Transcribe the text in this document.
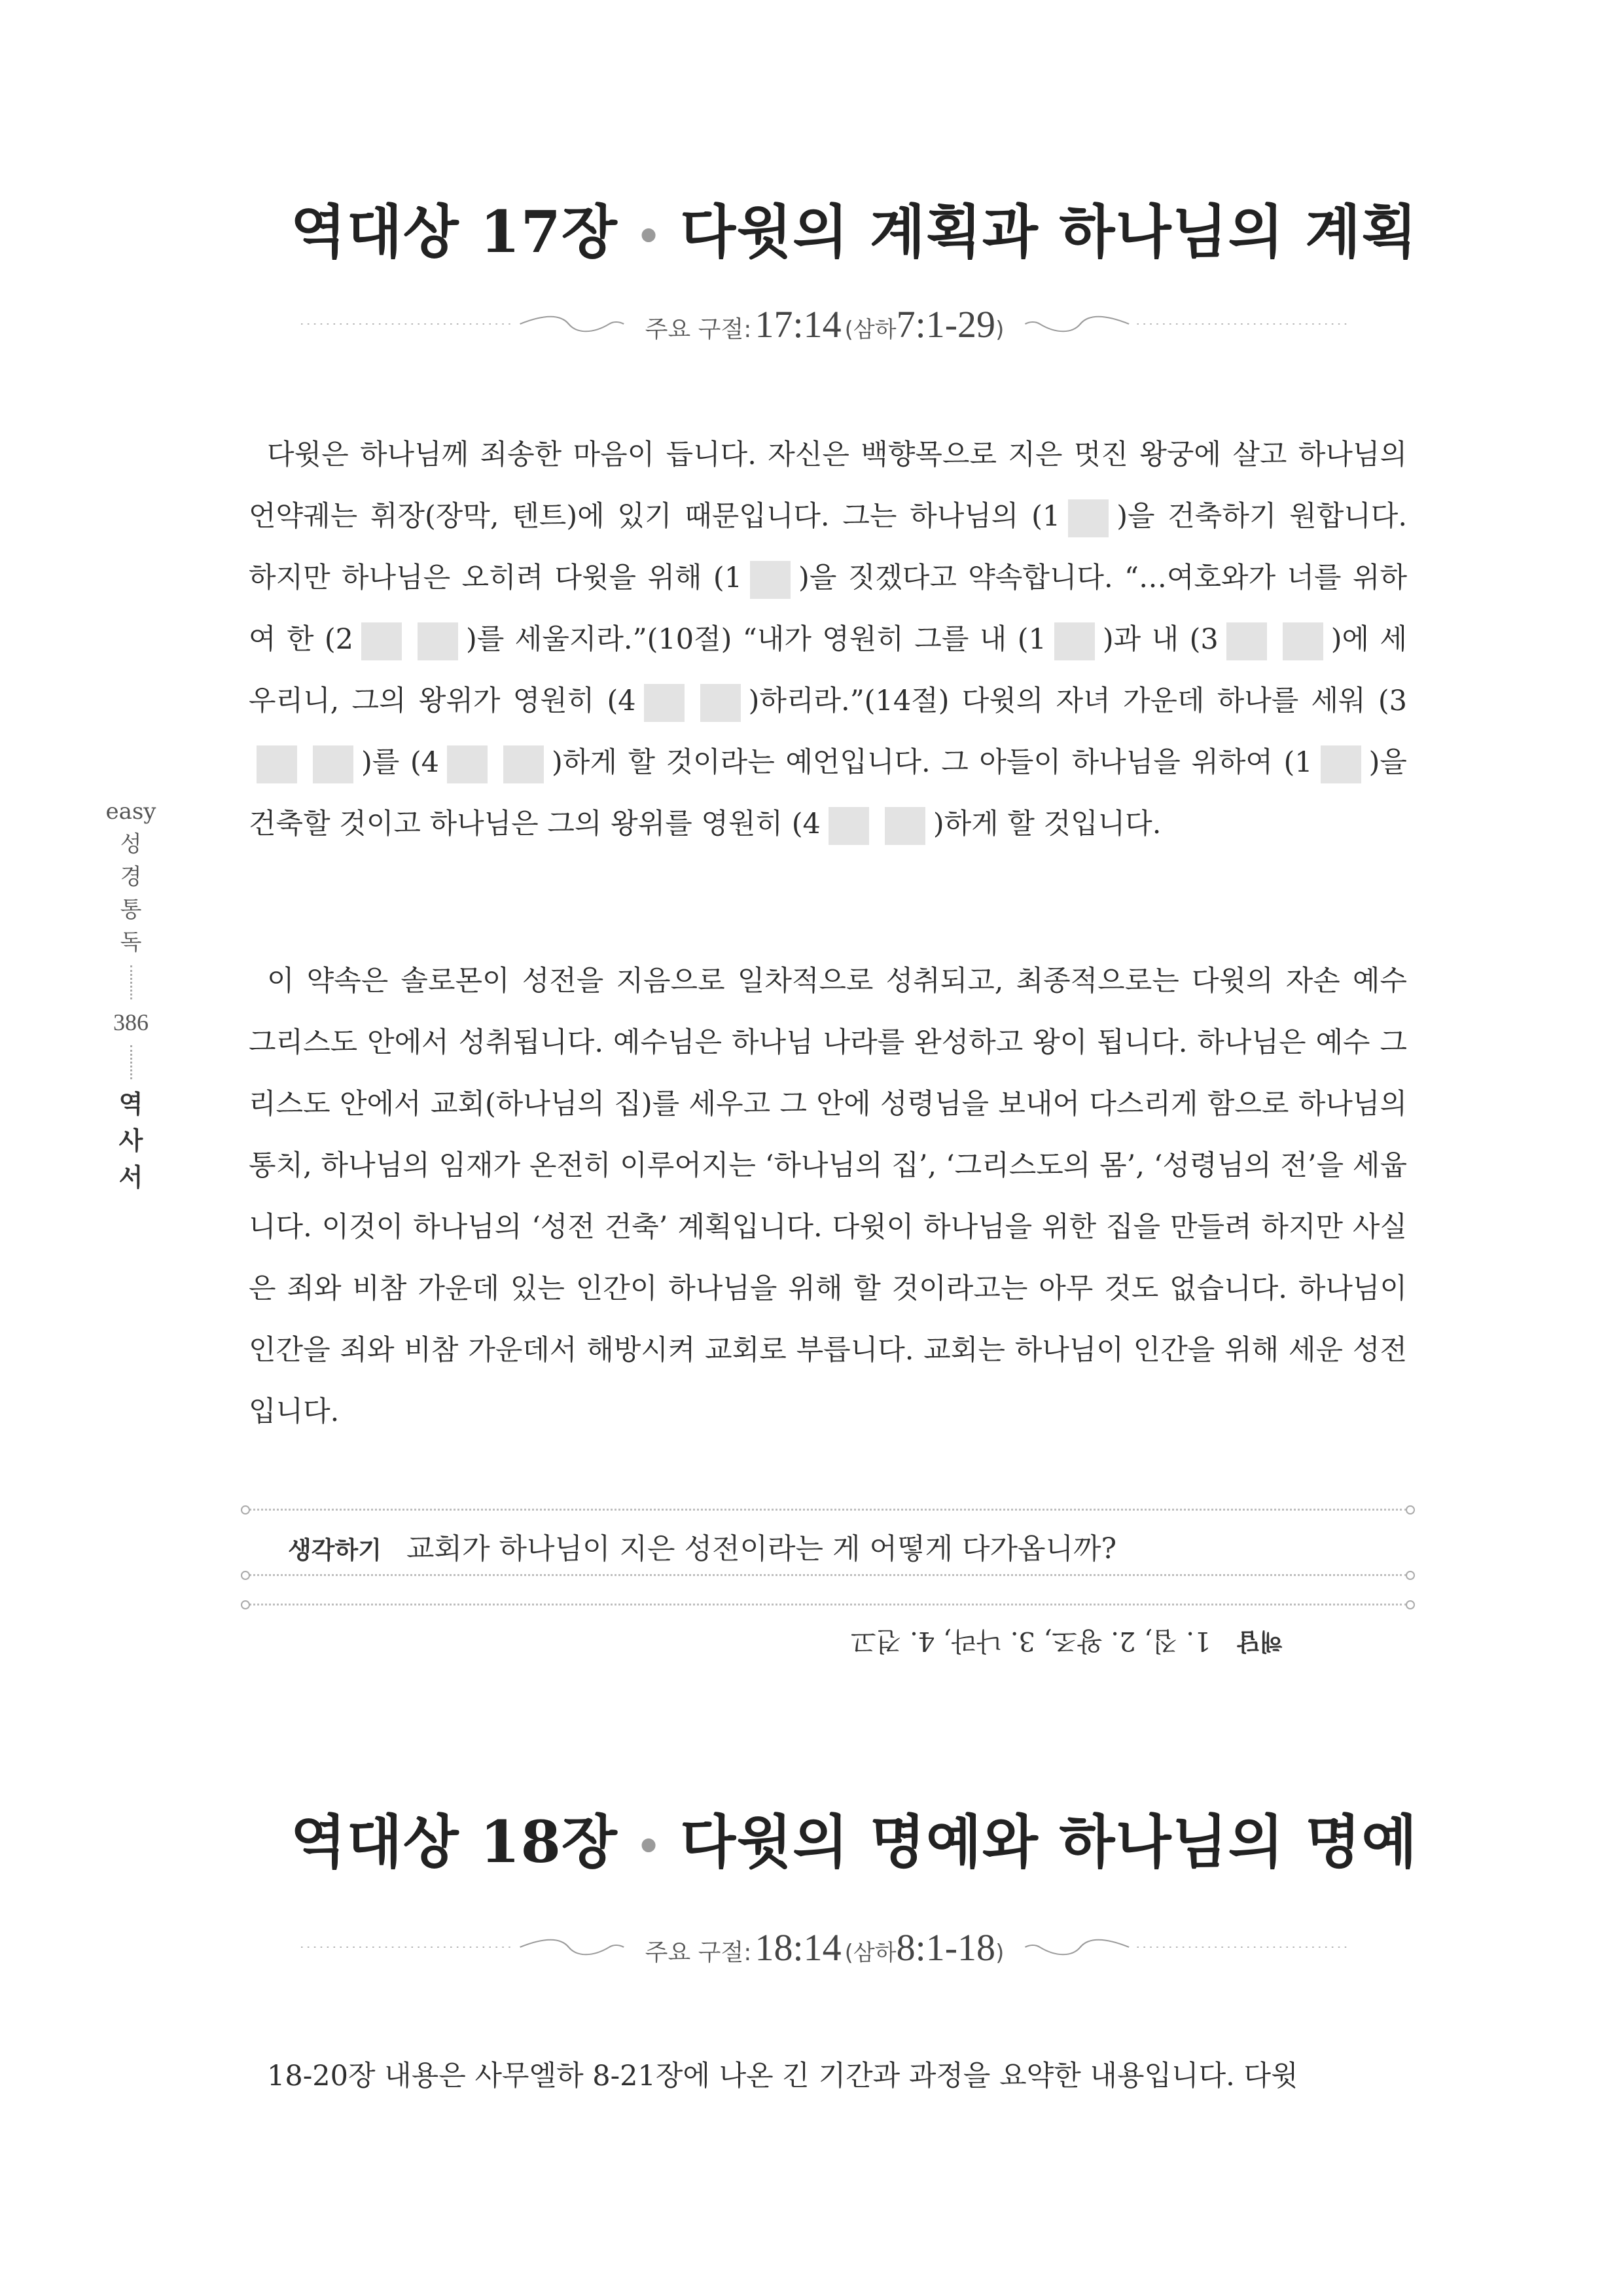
easy
성
경
통
독
386
역
사
서
역대상 17장 • 다윗의 계획과 하나님의 계획
주요 구절: 17:14 (삼하7:1-29)

다윗은 하나님께 죄송한 마음이 듭니다. 자신은 백향목으로 지은 멋진 왕궁에 살고 하나님의 언약궤는 휘장(장막, 텐트)에 있기 때문입니다. 그는 하나님의 (1 )을 건축하기 원합니다. 하지만 하나님은 오히려 다윗을 위해 (1 )을 짓겠다고 약속합니다. “…여호와가 너를 위하여 한 (2	)를 세울지라.”(10절) “내가 영원히 그를 내 (1 )과 내 (3	)에 세우리니, 그의 왕위가 영원히 (4	)하리라.”(14절) 다윗의 자녀 가운데 하나를 세워 (3)를 (4	)하게 할 것이라는 예언입니다. 그 아들이 하나님을 위하여 (1 )을 건축할 것이고 하나님은 그의 왕위를 영원히 (4	)하게 할 것입니다.

이 약속은 솔로몬이 성전을 지음으로 일차적으로 성취되고, 최종적으로는 다윗의 자손 예수 그리스도 안에서 성취됩니다. 예수님은 하나님 나라를 완성하고 왕이 됩니다. 하나님은 예수 그리스도 안에서 교회(하나님의 집)를 세우고 그 안에 성령님을 보내어 다스리게 함으로 하나님의 통치, 하나님의 임재가 온전히 이루어지는 ‘하나님의 집’, ‘그리스도의 몸’, ‘성령님의 전’을 세웁니다. 이것이 하나님의 ‘성전 건축’ 계획입니다. 다윗이 하나님을 위한 집을 만들려 하지만 사실은 죄와 비참 가운데 있는 인간이 하나님을 위해 할 것이라고는 아무 것도 없습니다. 하나님이 인간을 죄와 비참 가운데서 해방시켜 교회로 부릅니다. 교회는 하나님이 인간을 위해 세운 성전입니다.

생각하기 교회가 하나님이 지은 성전이라는 게 어떻게 다가옵니까?
해답
1. 집, 2. 왕조, 3. 나라, 4. 견고
역대상 18장 • 다윗의 명예와 하나님의 명예
주요 구절: 18:14 (삼하8:1-18)

18-20장 내용은 사무엘하 8-21장에 나온 긴 기간과 과정을 요약한 내용입니다. 다윗
